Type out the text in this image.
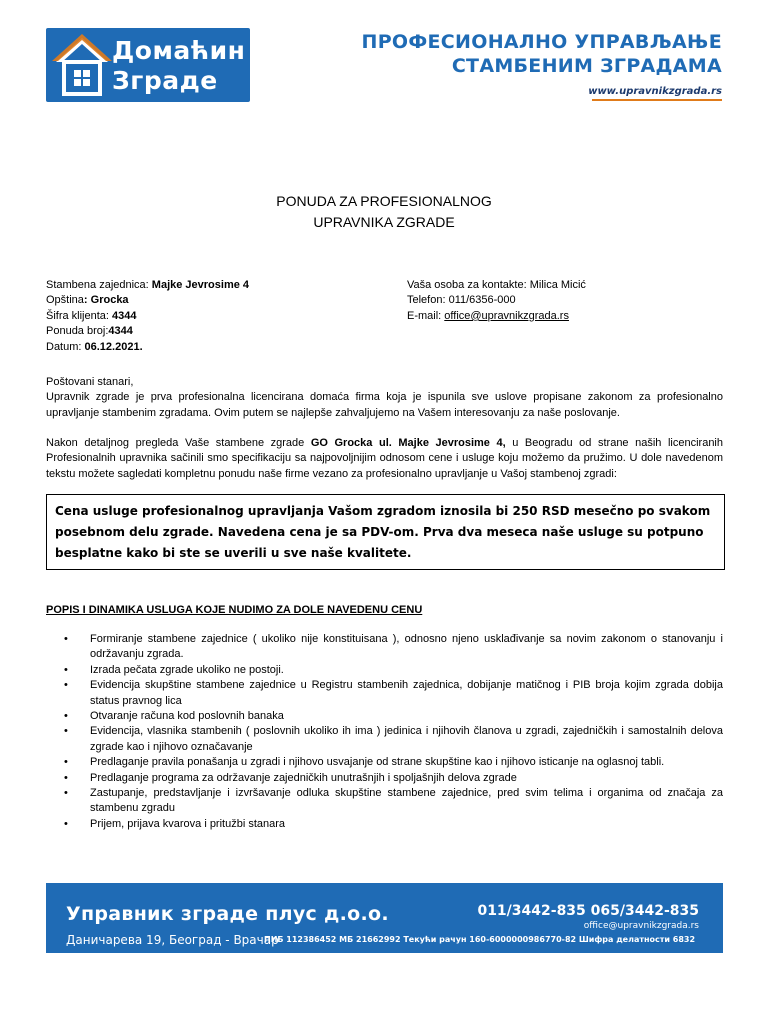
Домаћин
Зграде
ПРОФЕСИОНАЛНО УПРАВЉАЊЕ
СТАМБЕНИМ ЗГРАДАМА
www.upravnikzgrada.rs
PONUDA ZA PROFESIONALNOG
UPRAVNIKA ZGRADE
Stambena zajednica: Majke Jevrosime 4
Opština: Grocka
Šifra klijenta: 4344
Ponuda broj:4344
Datum: 06.12.2021.
Vaša osoba za kontakte: Milica Micić
Telefon: 011/6356-000
E-mail: office@upravnikzgrada.rs
Poštovani stanari,
Upravnik zgrade je prva profesionalna licencirana domaća firma koja je ispunila sve uslove propisane zakonom za profesionalno upravljanje stambenim zgradama. Ovim putem se najlepše zahvaljujemo na Vašem interesovanju za naše poslovanje.
Nakon detaljnog pregleda Vaše stambene zgrade GO Grocka ul. Majke Jevrosime 4, u Beogradu od strane naših licenciranih Profesionalnih upravnika sačinili smo specifikaciju sa najpovoljnijim odnosom cene i usluge koju možemo da pružimo. U dole navedenom tekstu možete sagledati kompletnu ponudu naše firme vezano za profesionalno upravljanje u Vašoj stambenoj zgradi:
Cena usluge profesionalnog upravljanja Vašom zgradom iznosila bi 250 RSD mesečno po svakom posebnom delu zgrade. Navedena cena je sa PDV-om. Prva dva meseca naše usluge su potpuno besplatne kako bi ste se uverili u sve naše kvalitete.
POPIS I DINAMIKA USLUGA KOJE NUDIMO ZA DOLE NAVEDENU CENU
• Formiranje stambene zajednice ( ukoliko nije konstituisana ), odnosno njeno usklađivanje sa novim zakonom o stanovanju i održavanju zgrada.
• Izrada pečata zgrade ukoliko ne postoji.
• Evidencija skupštine stambene zajednice u Registru stambenih zajednica, dobijanje matičnog i PIB broja kojim zgrada dobija status pravnog lica
• Otvaranje računa kod poslovnih banaka
• Evidencija, vlasnika stambenih ( poslovnih ukoliko ih ima ) jedinica i njihovih članova u zgradi, zajedničkih i samostalnih delova zgrade kao i njihovo označavanje
• Predlaganje pravila ponašanja u zgradi i njihovo usvajanje od strane skupštine kao i njihovo isticanje na oglasnoj tabli.
• Predlaganje programa za održavanje zajedničkih unutrašnjih i spoljašnjih delova zgrade
• Zastupanje, predstavljanje i izvršavanje odluka skupštine stambene zajednice, pred svim telima i organima od značaja za stambenu zgradu
• Prijem, prijava kvarova i pritužbi stanara
Управник зграде плус д.о.о.
Даничарева 19, Београд - Врачар
ПИБ 112386452 МБ 21662992 Текући рачун 160-6000000986770-82 Шифра делатности 6832
011/3442-835 065/3442-835
office@upravnikzgrada.rs
